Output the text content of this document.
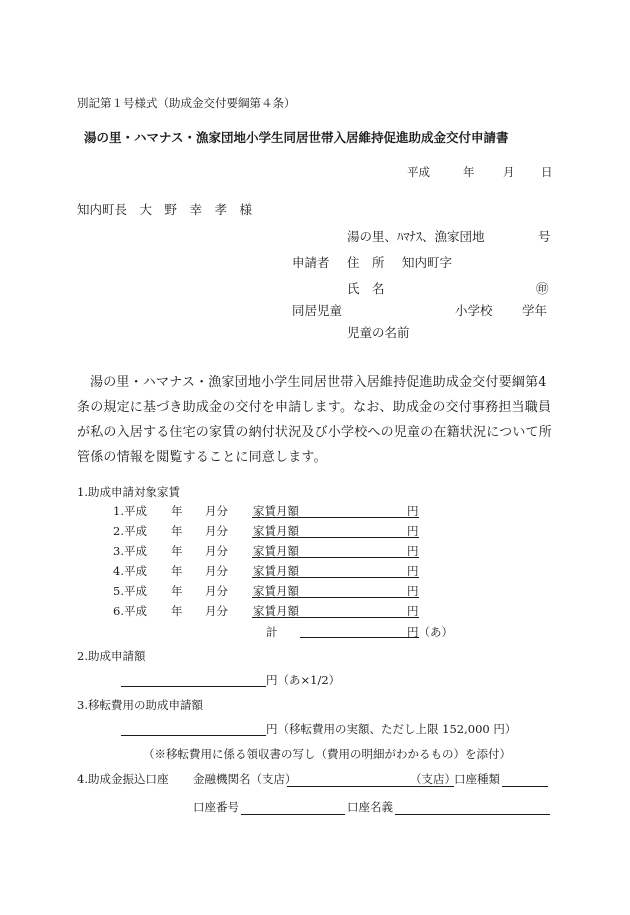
別記第１号様式（助成金交付要綱第４条）
湯の里・ハマナス・漁家団地小学生同居世帯入居維持促進助成金交付申請書
平成	年 月 日
知内町長　大　野　幸　孝　様
湯の里、ﾊﾏﾅｽ、漁家団地	号
申請者 住　所 知内町字
氏　名	㊞
同居児童	小学校 学年
児童の名前
湯の里・ハマナス・漁家団地小学生同居世帯入居維持促進助成金交付要綱第4条の規定に基づき助成金の交付を申請します。なお、助成金の交付事務担当職員が私の入居する住宅の家賃の納付状況及び小学校への児童の在籍状況について所管係の情報を閲覧することに同意します。
1.助成申請対象家賃
1.平成 年 月分 家賃月額	円
2.平成 年 月分 家賃月額	円
3.平成 年 月分 家賃月額	円
4.平成 年 月分 家賃月額	円
5.平成 年 月分 家賃月額	円
6.平成 年 月分 家賃月額	円
計	円（あ）
2.助成申請額
円（あ×1/2）
3.移転費用の助成申請額
円（移転費用の実額、ただし上限 152,000 円）
（※移転費用に係る領収書の写し（費用の明細がわかるもの）を添付）
4.助成金振込口座 金融機関名（支店）	（支店）
口座種類
口座番号	口座名義
